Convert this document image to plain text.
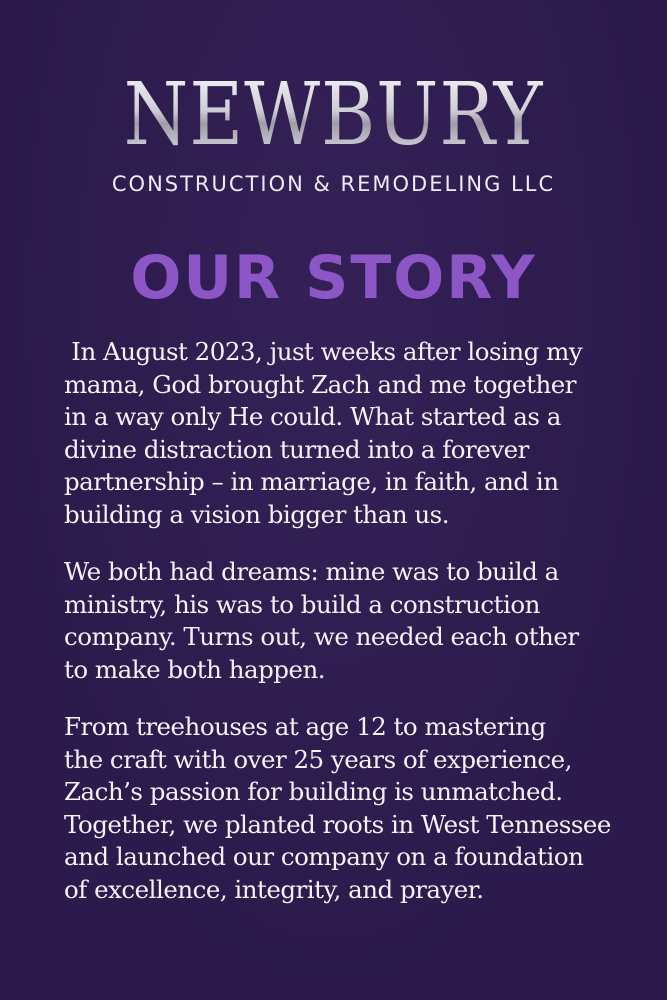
NEWBURY
CONSTRUCTION & REMODELING LLC
OUR STORY

In August 2023, just weeks after losing my
mama, God brought Zach and me together
in a way only He could. What started as a
divine distraction turned into a forever
partnership – in marriage, in faith, and in
building a vision bigger than us.

We both had dreams: mine was to build a
ministry, his was to build a construction
company. Turns out, we needed each other
to make both happen.

From treehouses at age 12 to mastering
the craft with over 25 years of experience,
Zach’s passion for building is unmatched.
Together, we planted roots in West Tennessee
and launched our company on a foundation
of excellence, integrity, and prayer.
